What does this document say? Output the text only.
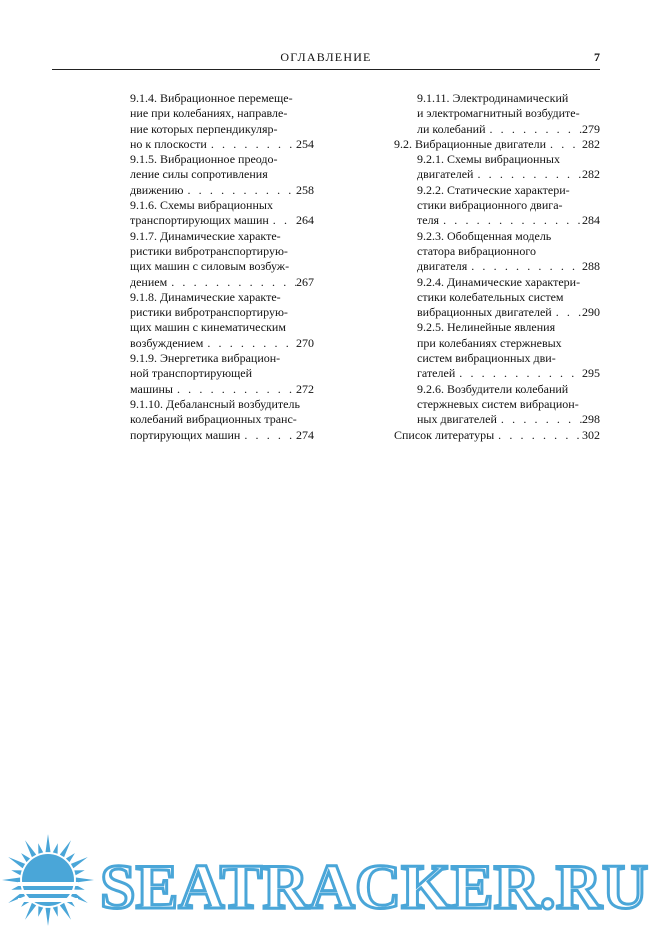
ОГЛАВЛЕНИЕ	7
9.1.4. Вибрационное перемеще-
ние при колебаниях, направле-
ние которых перпендикуляр-
но к плоскости . . .	254
9.1.5. Вибрационное преодо-
ление силы сопротивления
движению . . .	258
9.1.6. Схемы вибрационных
транспортирующих машин . . . 264
9.1.7. Динамические характе-
ристики вибротранспортирую-
щих машин с силовым возбуж-
дением . . .	267
9.1.8. Динамические характе-
ристики вибротранспортирую-
щих машин с кинематическим
возбуждением . . .	270
9.1.9. Энергетика вибрацион-
ной транспортирующей
машины . . .	272
9.1.10. Дебалансный возбудитель
колебаний вибрационных транс-
портирующих машин . . .	274
9.1.11. Электродинамический
и электромагнитный возбудите-
ли колебаний . . .	279
9.2. Вибрационные двигатели . . .	282
9.2.1. Схемы вибрационных
двигателей . . .	282
9.2.2. Статические характери-
стики вибрационного двига-
теля . . .	284
9.2.3. Обобщенная модель
статора вибрационного
двигателя . . .	288
9.2.4. Динамические характери-
стики колебательных систем
вибрационных двигателей . . .	290
9.2.5. Нелинейные явления
при колебаниях стержневых
систем вибрационных дви-
гателей . . .	295
9.2.6. Возбудители колебаний
стержневых систем вибрацион-
ных двигателей . . .	298
Список литературы . . .	302
SEATRACKER.RU
